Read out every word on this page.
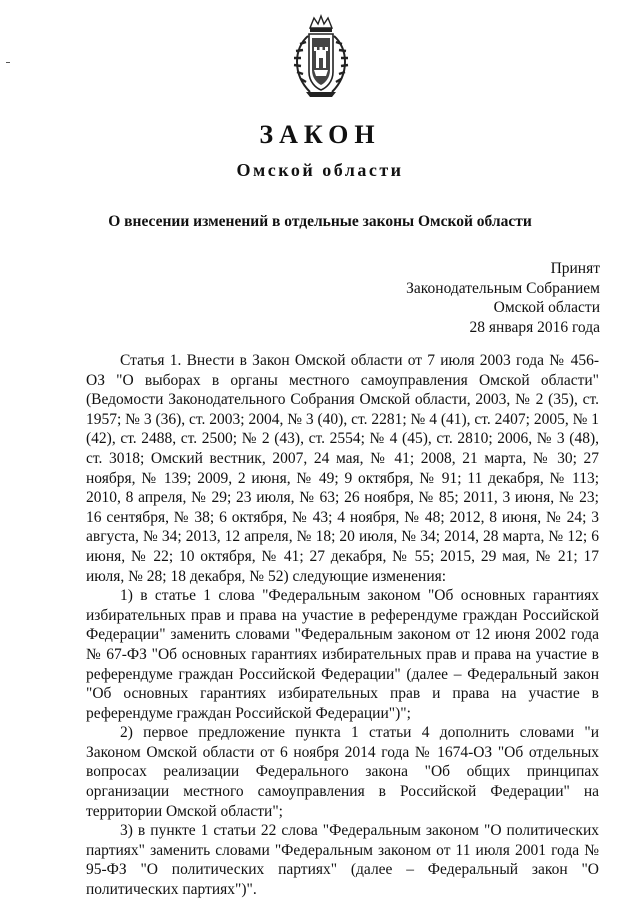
ЗАКОН
Омской области
О внесении изменений в отдельные законы Омской области
Принят
Законодательным Собранием
Омской области
28 января 2016 года

Статья 1. Внести в Закон Омской области от 7 июля 2003 года № 456-ОЗ "О выборах в органы местного самоуправления Омской области" (Ведомости Законодательного Собрания Омской области, 2003, № 2 (35), ст. 1957; № 3 (36), ст. 2003; 2004, № 3 (40), ст. 2281; № 4 (41), ст. 2407; 2005, № 1 (42), ст. 2488, ст. 2500; № 2 (43), ст. 2554; № 4 (45), ст. 2810; 2006, № 3 (48), ст. 3018; Омский вестник, 2007, 24 мая, № 41; 2008, 21 марта, № 30; 27 ноября, № 139; 2009, 2 июня, № 49; 9 октября, № 91; 11 декабря, № 113; 2010, 8 апреля, № 29; 23 июля, № 63; 26 ноября, № 85; 2011, 3 июня, № 23; 16 сентября, № 38; 6 октября, № 43; 4 ноября, № 48; 2012, 8 июня, № 24; 3 августа, № 34; 2013, 12 апреля, № 18; 20 июля, № 34; 2014, 28 марта, № 12; 6 июня, № 22; 10 октября, № 41; 27 декабря, № 55; 2015, 29 мая, № 21; 17 июля, № 28; 18 декабря, № 52) следующие изменения:

1) в статье 1 слова "Федеральным законом "Об основных гарантиях избирательных прав и права на участие в референдуме граждан Российской Федерации" заменить словами "Федеральным законом от 12 июня 2002 года № 67-ФЗ "Об основных гарантиях избирательных прав и права на участие в референдуме граждан Российской Федерации" (далее – Федеральный закон "Об основных гарантиях избирательных прав и права на участие в референдуме граждан Российской Федерации")";

2) первое предложение пункта 1 статьи 4 дополнить словами "и Законом Омской области от 6 ноября 2014 года № 1674-ОЗ "Об отдельных вопросах реализации Федерального закона "Об общих принципах организации местного самоуправления в Российской Федерации" на территории Омской области";

3) в пункте 1 статьи 22 слова "Федеральным законом "О политических партиях" заменить словами "Федеральным законом от 11 июля 2001 года № 95-ФЗ "О политических партиях" (далее – Федеральный закон "О политических партиях")".
